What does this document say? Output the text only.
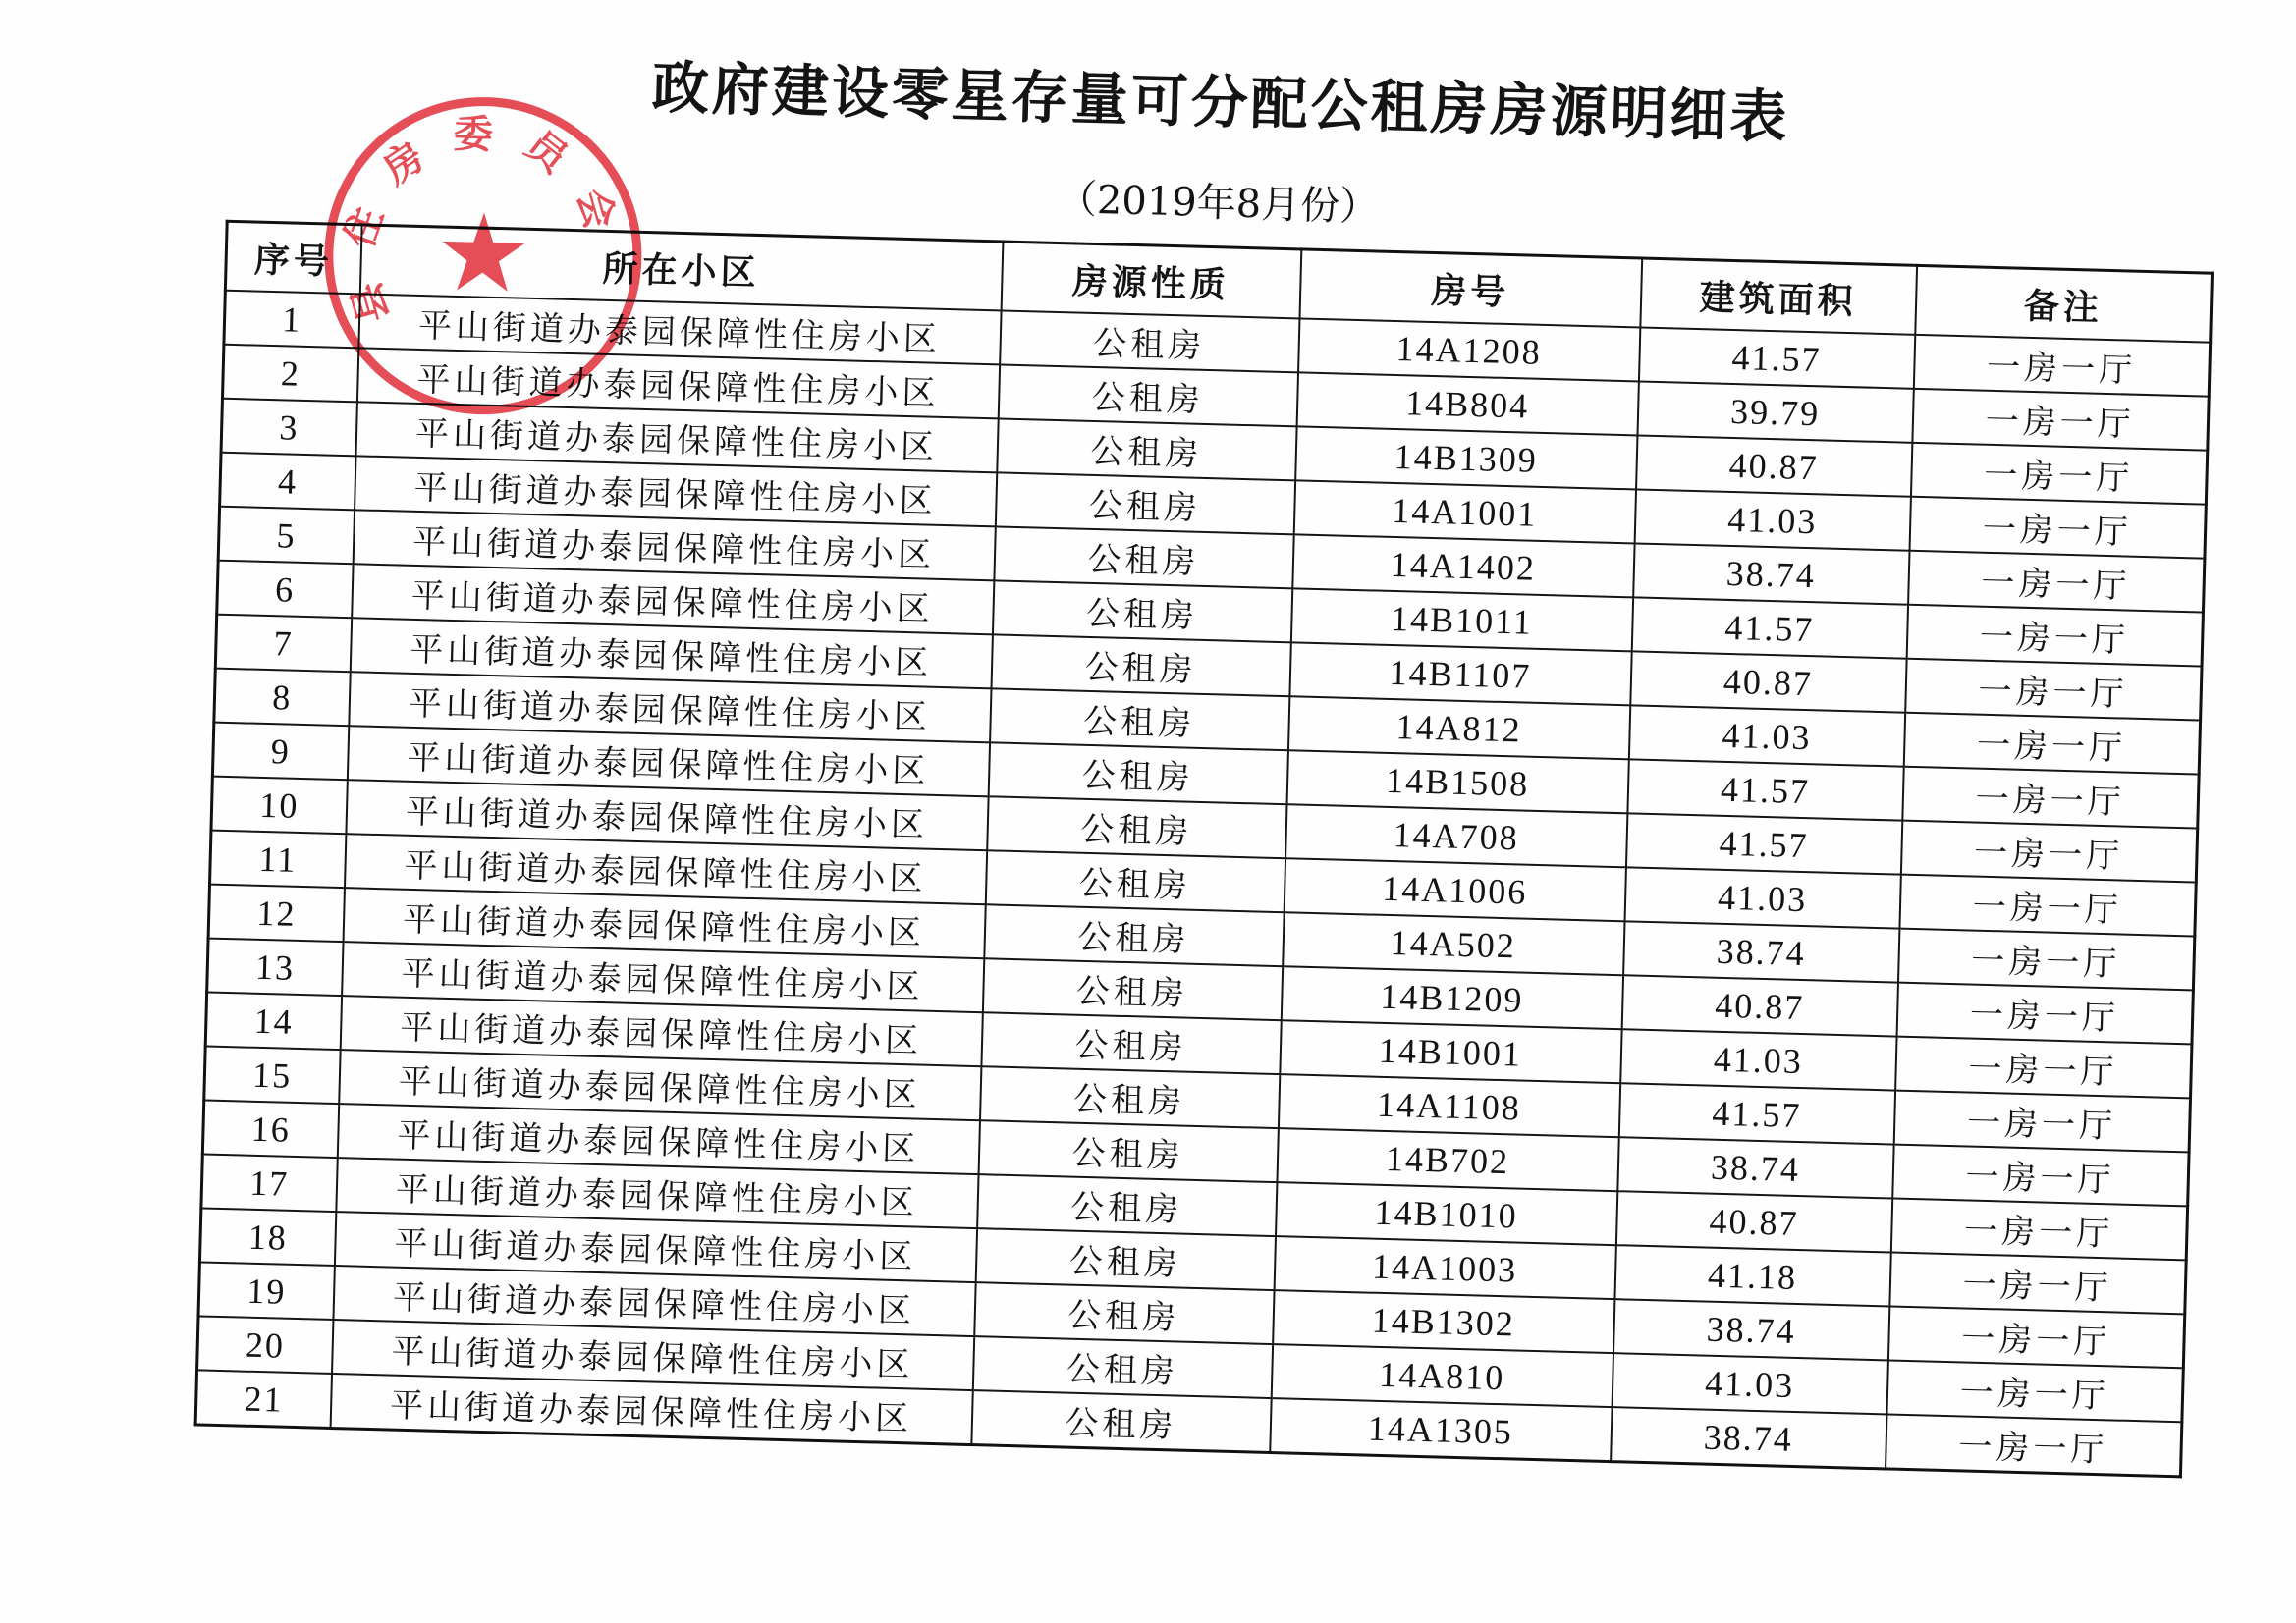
政府建设零星存量可分配公租房房源明细表
（2019年8月份）
序号	所在小区	房源性质	房号	建筑面积	备注
1	平山街道办泰园保障性住房小区	公租房	14A1208	41.57	一房一厅
2	平山街道办泰园保障性住房小区	公租房	14B804	39.79	一房一厅
3	平山街道办泰园保障性住房小区	公租房	14B1309	40.87	一房一厅
4	平山街道办泰园保障性住房小区	公租房	14A1001	41.03	一房一厅
5	平山街道办泰园保障性住房小区	公租房	14A1402	38.74	一房一厅
6	平山街道办泰园保障性住房小区	公租房	14B1011	41.57	一房一厅
7	平山街道办泰园保障性住房小区	公租房	14B1107	40.87	一房一厅
8	平山街道办泰园保障性住房小区	公租房	14A812	41.03	一房一厅
9	平山街道办泰园保障性住房小区	公租房	14B1508	41.57	一房一厅
10	平山街道办泰园保障性住房小区	公租房	14A708	41.57	一房一厅
11	平山街道办泰园保障性住房小区	公租房	14A1006	41.03	一房一厅
12	平山街道办泰园保障性住房小区	公租房	14A502	38.74	一房一厅
13	平山街道办泰园保障性住房小区	公租房	14B1209	40.87	一房一厅
14	平山街道办泰园保障性住房小区	公租房	14B1001	41.03	一房一厅
15	平山街道办泰园保障性住房小区	公租房	14A1108	41.57	一房一厅
16	平山街道办泰园保障性住房小区	公租房	14B702	38.74	一房一厅
17	平山街道办泰园保障性住房小区	公租房	14B1010	40.87	一房一厅
18	平山街道办泰园保障性住房小区	公租房	14A1003	41.18	一房一厅
19	平山街道办泰园保障性住房小区	公租房	14B1302	38.74	一房一厅
20	平山街道办泰园保障性住房小区	公租房	14A810	41.03	一房一厅
21	平山街道办泰园保障性住房小区	公租房	14A1305	38.74	一房一厅
县住房委员会
